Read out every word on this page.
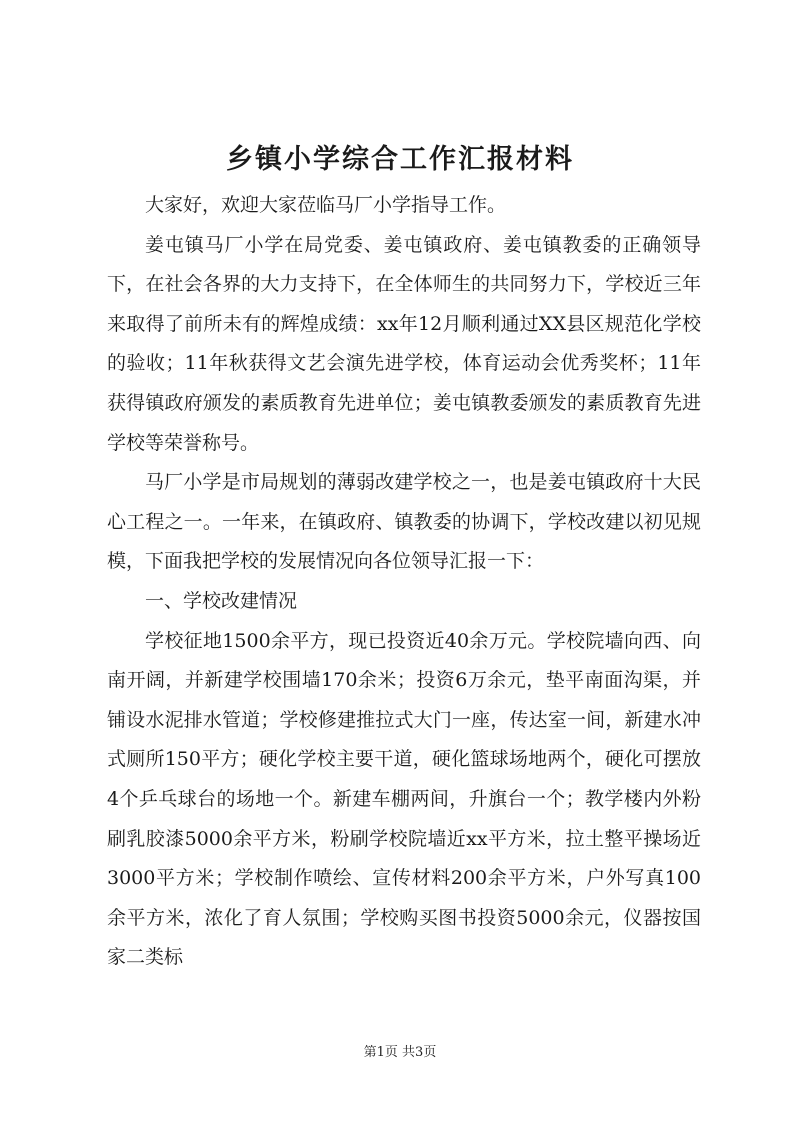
乡镇小学综合工作汇报材料

大家好，欢迎大家莅临马厂小学指导工作。

姜屯镇马厂小学在局党委、姜屯镇政府、姜屯镇教委的正确领导下，在社会各界的大力支持下，在全体师生的共同努力下，学校近三年来取得了前所未有的辉煌成绩：xx年12月顺利通过XX县区规范化学校的验收；11年秋获得文艺会演先进学校，体育运动会优秀奖杯；11年获得镇政府颁发的素质教育先进单位；姜屯镇教委颁发的素质教育先进学校等荣誉称号。

马厂小学是市局规划的薄弱改建学校之一，也是姜屯镇政府十大民心工程之一。一年来，在镇政府、镇教委的协调下，学校改建以初见规模，下面我把学校的发展情况向各位领导汇报一下：

一、学校改建情况

学校征地1500余平方，现已投资近40余万元。学校院墙向西、向南开阔，并新建学校围墙170余米；投资6万余元，垫平南面沟渠，并铺设水泥排水管道；学校修建推拉式大门一座，传达室一间，新建水冲式厕所150平方；硬化学校主要干道，硬化篮球场地两个，硬化可摆放4个乒乓球台的场地一个。新建车棚两间，升旗台一个；教学楼内外粉刷乳胶漆5000余平方米，粉刷学校院墙近xx平方米，拉土整平操场近3000平方米；学校制作喷绘、宣传材料200余平方米，户外写真100余平方米，浓化了育人氛围；学校购买图书投资5000余元，仪器按国家二类标

第1页 共3页
